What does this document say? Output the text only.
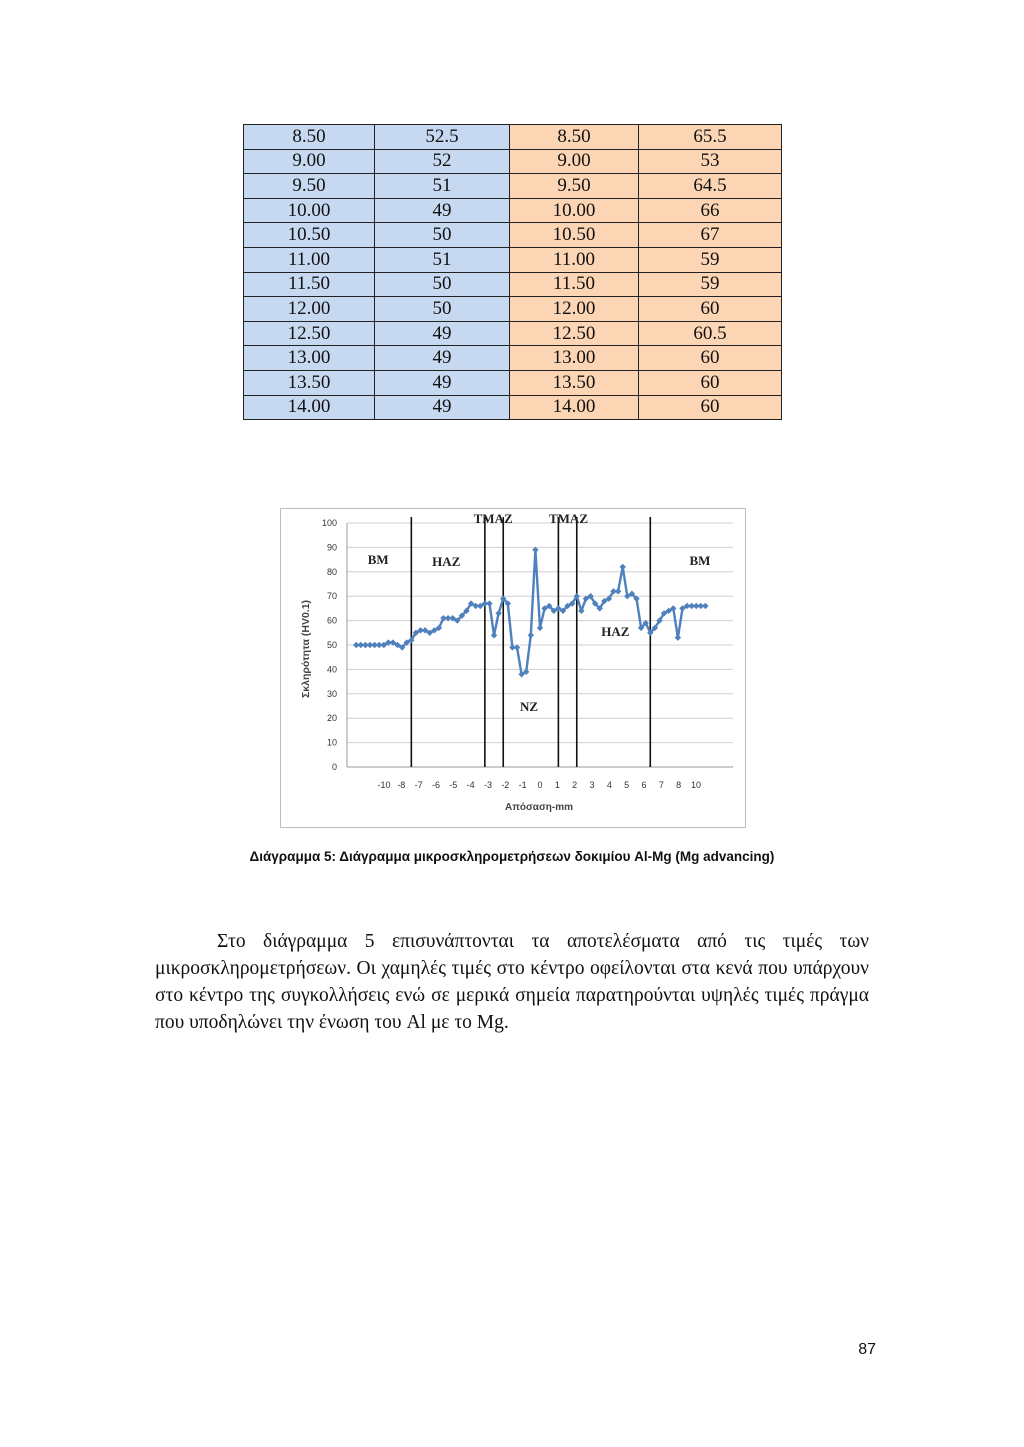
8.50	52.5	8.50	65.5
9.00	52	9.00	53
9.50	51	9.50	64.5
10.00	49	10.00	66
10.50	50	10.50	67
11.00	51	11.00	59
11.50	50	11.50	59
12.00	50	12.00	60
12.50	49	12.50	60.5
13.00	49	13.00	60
13.50	49	13.50	60
14.00	49	14.00	60
0
10
20
30
40
50
60
70
80
90
100
-10 -8 -7 -6 -5 -4 -3 -2 -1 0 1 2 3 4 5 6 7 8 10
BM	HAZ
TMAZ	TMAZ
BM
HAZ
NZ
Απόσαση-mm
Σκληρότητα (HV0.1)
Διάγραμμα 5: Διάγραμμα μικροσκληρομετρήσεων δοκιμίου Al-Mg (Mg advancing)

Στο διάγραμμα 5 επισυνάπτονται τα αποτελέσματα από τις τιμές των μικροσκληρομετρήσεων. Οι χαμηλές τιμές στο κέντρο οφείλονται στα κενά που υπάρχουν στο κέντρο της συγκολλήσεις ενώ σε μερικά σημεία παρατηρούνται υψηλές τιμές πράγμα που υποδηλώνει την ένωση του Al με το Mg.

87
